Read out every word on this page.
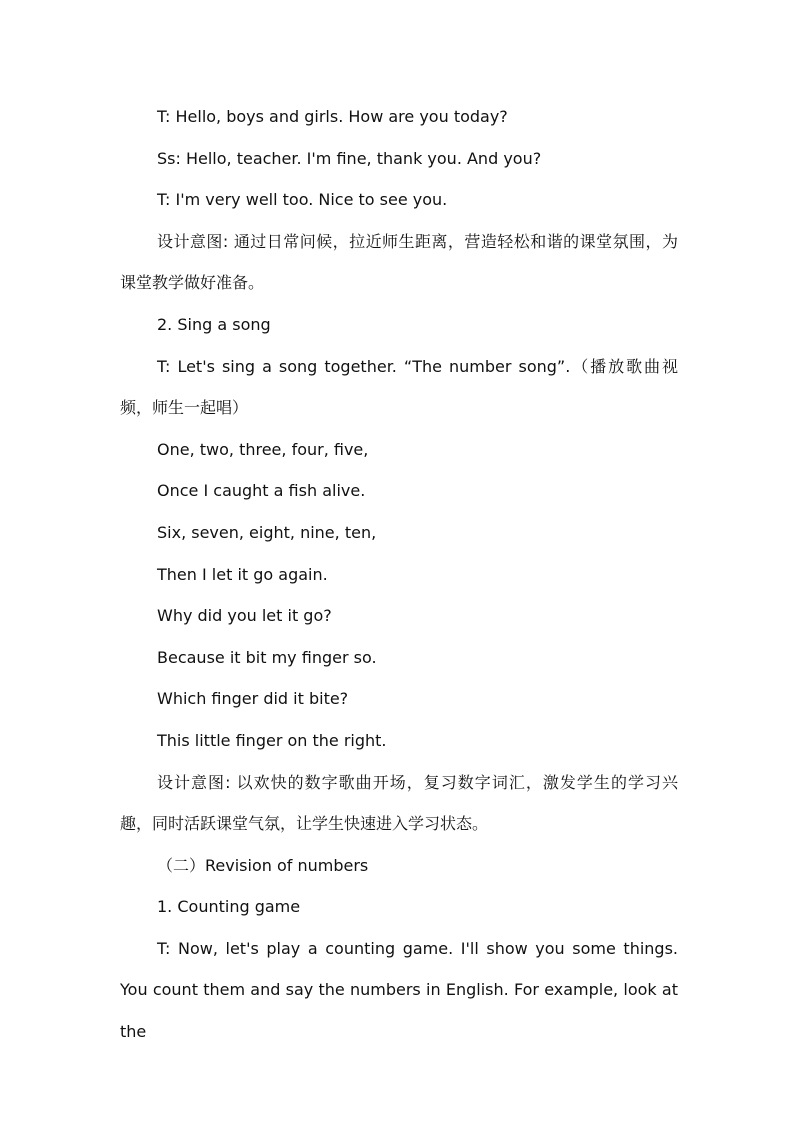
T: Hello, boys and girls. How are you today?
Ss: Hello, teacher. I'm fine, thank you. And you?
T: I'm very well too. Nice to see you.
设计意图: 通过日常问候，拉近师生距离，营造轻松和谐的课堂氛围，为课堂教学做好准备。
2. Sing a song
T: Let's sing a song together. “The number song”.（播放歌曲视频，师生一起唱）
One, two, three, four, five,
Once I caught a fish alive.
Six, seven, eight, nine, ten,
Then I let it go again.
Why did you let it go?
Because it bit my finger so.
Which finger did it bite?
This little finger on the right.
设计意图: 以欢快的数字歌曲开场，复习数字词汇，激发学生的学习兴趣，同时活跃课堂气氛，让学生快速进入学习状态。
（二）Revision of numbers
1. Counting game
T: Now, let's play a counting game. I'll show you some things. You count them and say the numbers in English. For example, look at the
